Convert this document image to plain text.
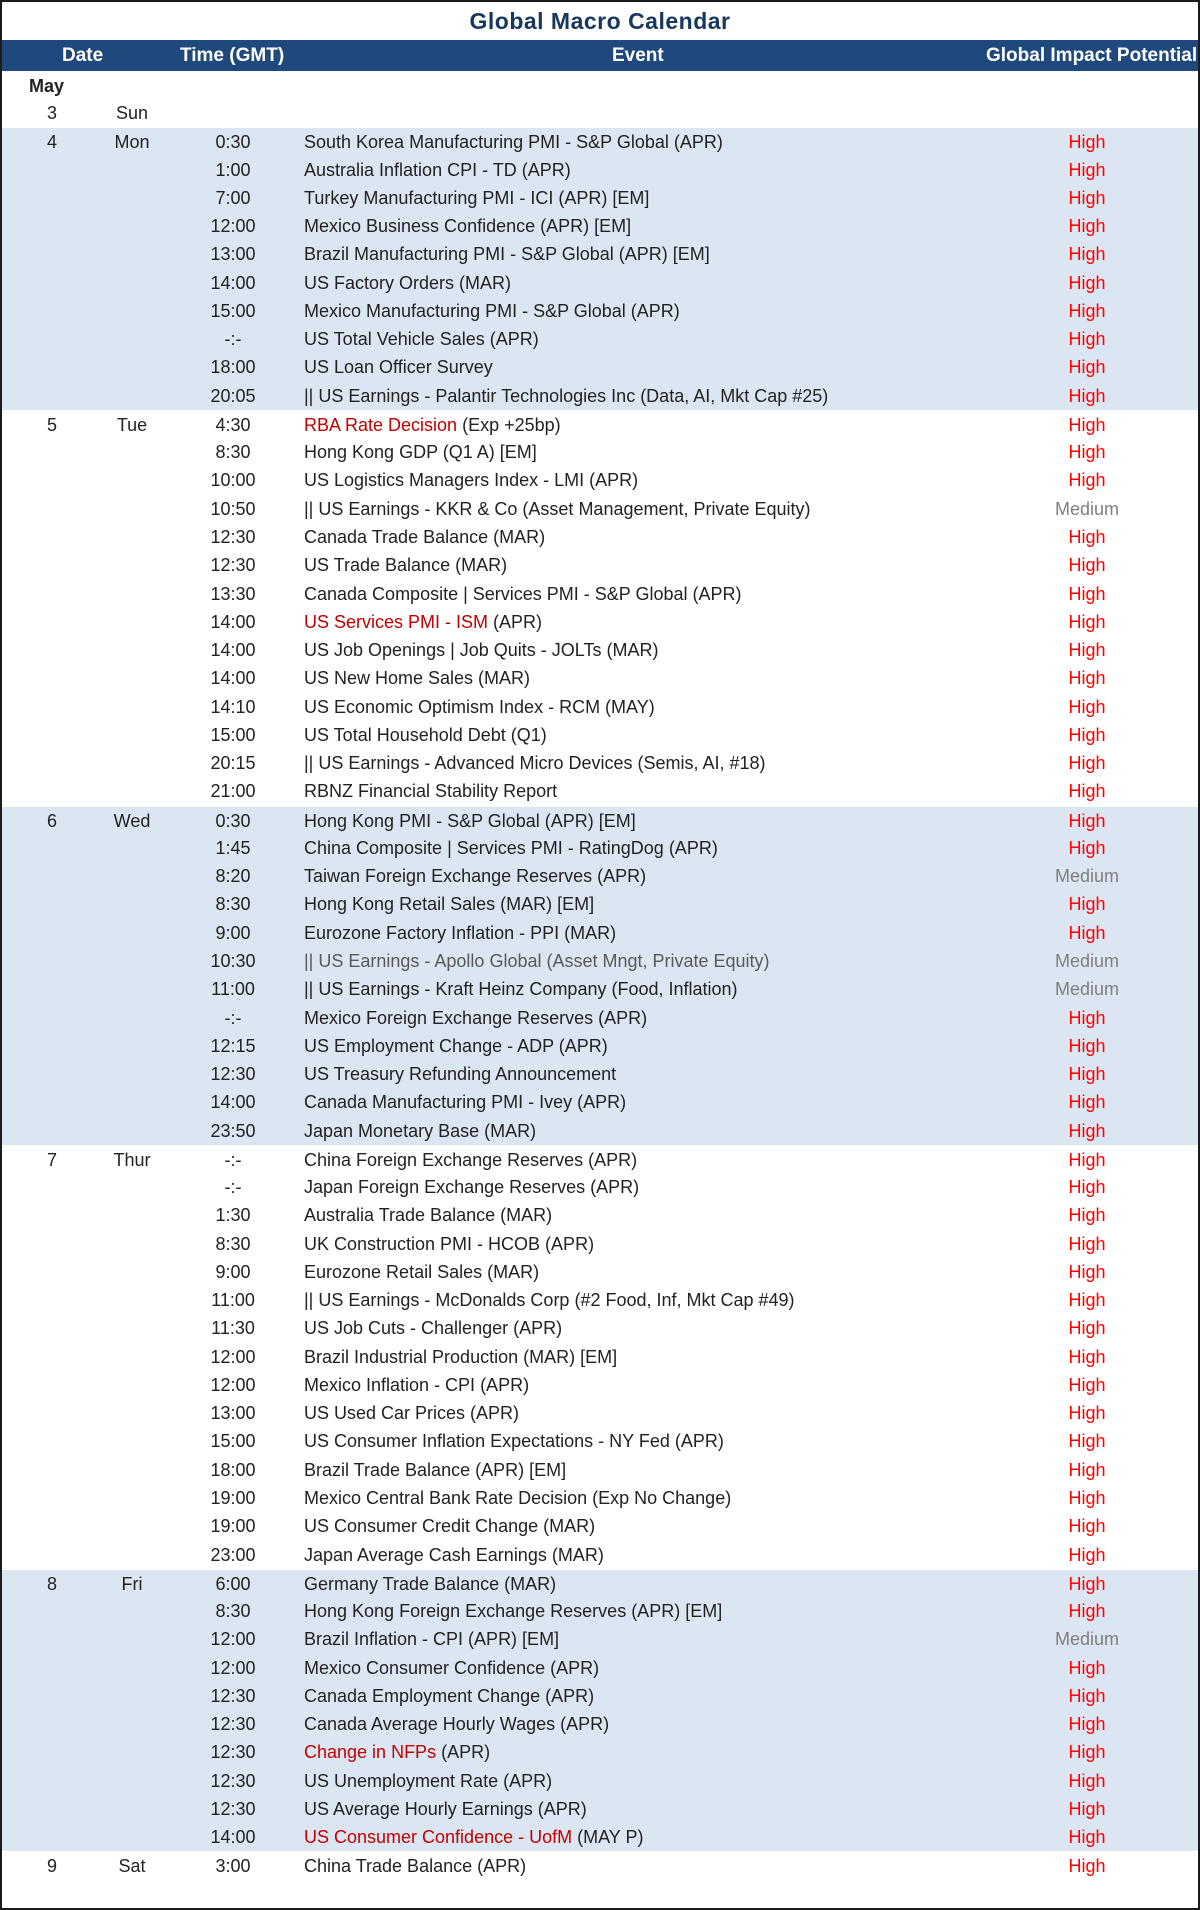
Global Macro Calendar
Date	Time (GMT)	Event	Global Impact Potential
May
3	Sun
4	Mon	0:30	South Korea Manufacturing PMI - S&P Global (APR)	High
1:00	Australia Inflation CPI - TD (APR)	High
7:00	Turkey Manufacturing PMI - ICI (APR) [EM]	High
12:00	Mexico Business Confidence (APR) [EM]	High
13:00	Brazil Manufacturing PMI - S&P Global (APR) [EM]	High
14:00	US Factory Orders (MAR)	High
15:00	Mexico Manufacturing PMI - S&P Global (APR)	High
-:-	US Total Vehicle Sales (APR)	High
18:00	US Loan Officer Survey	High
20:05	|| US Earnings - Palantir Technologies Inc (Data, AI, Mkt Cap #25)	High
5	Tue	4:30	RBA Rate Decision (Exp +25bp)	High
8:30	Hong Kong GDP (Q1 A) [EM]	High
10:00	US Logistics Managers Index - LMI (APR)	High
10:50	|| US Earnings - KKR & Co (Asset Management, Private Equity)	Medium
12:30	Canada Trade Balance (MAR)	High
12:30	US Trade Balance (MAR)	High
13:30	Canada Composite | Services PMI - S&P Global (APR)	High
14:00	US Services PMI - ISM (APR)	High
14:00	US Job Openings | Job Quits - JOLTs (MAR)	High
14:00	US New Home Sales (MAR)	High
14:10	US Economic Optimism Index - RCM (MAY)	High
15:00	US Total Household Debt (Q1)	High
20:15	|| US Earnings - Advanced Micro Devices (Semis, AI, #18)	High
21:00	RBNZ Financial Stability Report	High
6	Wed	0:30	Hong Kong PMI - S&P Global (APR) [EM]	High
1:45	China Composite | Services PMI - RatingDog (APR)	High
8:20	Taiwan Foreign Exchange Reserves (APR)	Medium
8:30	Hong Kong Retail Sales (MAR) [EM]	High
9:00	Eurozone Factory Inflation - PPI (MAR)	High
10:30	|| US Earnings - Apollo Global (Asset Mngt, Private Equity)	Medium
11:00	|| US Earnings - Kraft Heinz Company (Food, Inflation)	Medium
-:-	Mexico Foreign Exchange Reserves (APR)	High
12:15	US Employment Change - ADP (APR)	High
12:30	US Treasury Refunding Announcement	High
14:00	Canada Manufacturing PMI - Ivey (APR)	High
23:50	Japan Monetary Base (MAR)	High
7	Thur	-:-	China Foreign Exchange Reserves (APR)	High
-:-	Japan Foreign Exchange Reserves (APR)	High
1:30	Australia Trade Balance (MAR)	High
8:30	UK Construction PMI - HCOB (APR)	High
9:00	Eurozone Retail Sales (MAR)	High
11:00	|| US Earnings - McDonalds Corp (#2 Food, Inf, Mkt Cap #49)	High
11:30	US Job Cuts - Challenger (APR)	High
12:00	Brazil Industrial Production (MAR) [EM]	High
12:00	Mexico Inflation - CPI (APR)	High
13:00	US Used Car Prices (APR)	High
15:00	US Consumer Inflation Expectations - NY Fed (APR)	High
18:00	Brazil Trade Balance (APR) [EM]	High
19:00	Mexico Central Bank Rate Decision (Exp No Change)	High
19:00	US Consumer Credit Change (MAR)	High
23:00	Japan Average Cash Earnings (MAR)	High
8	Fri	6:00	Germany Trade Balance (MAR)	High
8:30	Hong Kong Foreign Exchange Reserves (APR) [EM]	High
12:00	Brazil Inflation - CPI (APR) [EM]	Medium
12:00	Mexico Consumer Confidence (APR)	High
12:30	Canada Employment Change (APR)	High
12:30	Canada Average Hourly Wages (APR)	High
12:30	Change in NFPs (APR)	High
12:30	US Unemployment Rate (APR)	High
12:30	US Average Hourly Earnings (APR)	High
14:00	US Consumer Confidence - UofM (MAY P)	High
9	Sat	3:00	China Trade Balance (APR)	High
